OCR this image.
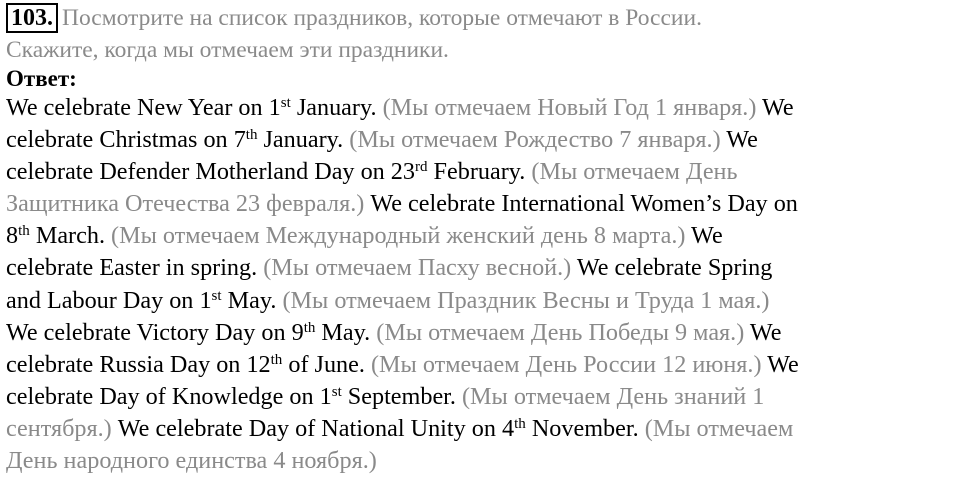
103. Посмотрите на список праздников, которые отмечают в России.
Скажите, когда мы отмечаем эти праздники.
Ответ:
We celebrate New Year on 1st January. (Мы отмечаем Новый Год 1 января.) We
celebrate Christmas on 7th January. (Мы отмечаем Рождество 7 января.) We
celebrate Defender Motherland Day on 23rd February. (Мы отмечаем День
Защитника Отечества 23 февраля.) We celebrate International Women’s Day on
8th March. (Мы отмечаем Международный женский день 8 марта.) We
celebrate Easter in spring. (Мы отмечаем Пасху весной.) We celebrate Spring
and Labour Day on 1st May. (Мы отмечаем Праздник Весны и Труда 1 мая.)
We celebrate Victory Day on 9th May. (Мы отмечаем День Победы 9 мая.) We
celebrate Russia Day on 12th of June. (Мы отмечаем День России 12 июня.) We
celebrate Day of Knowledge on 1st September. (Мы отмечаем День знаний 1
сентября.) We celebrate Day of National Unity on 4th November. (Мы отмечаем
День народного единства 4 ноября.)
